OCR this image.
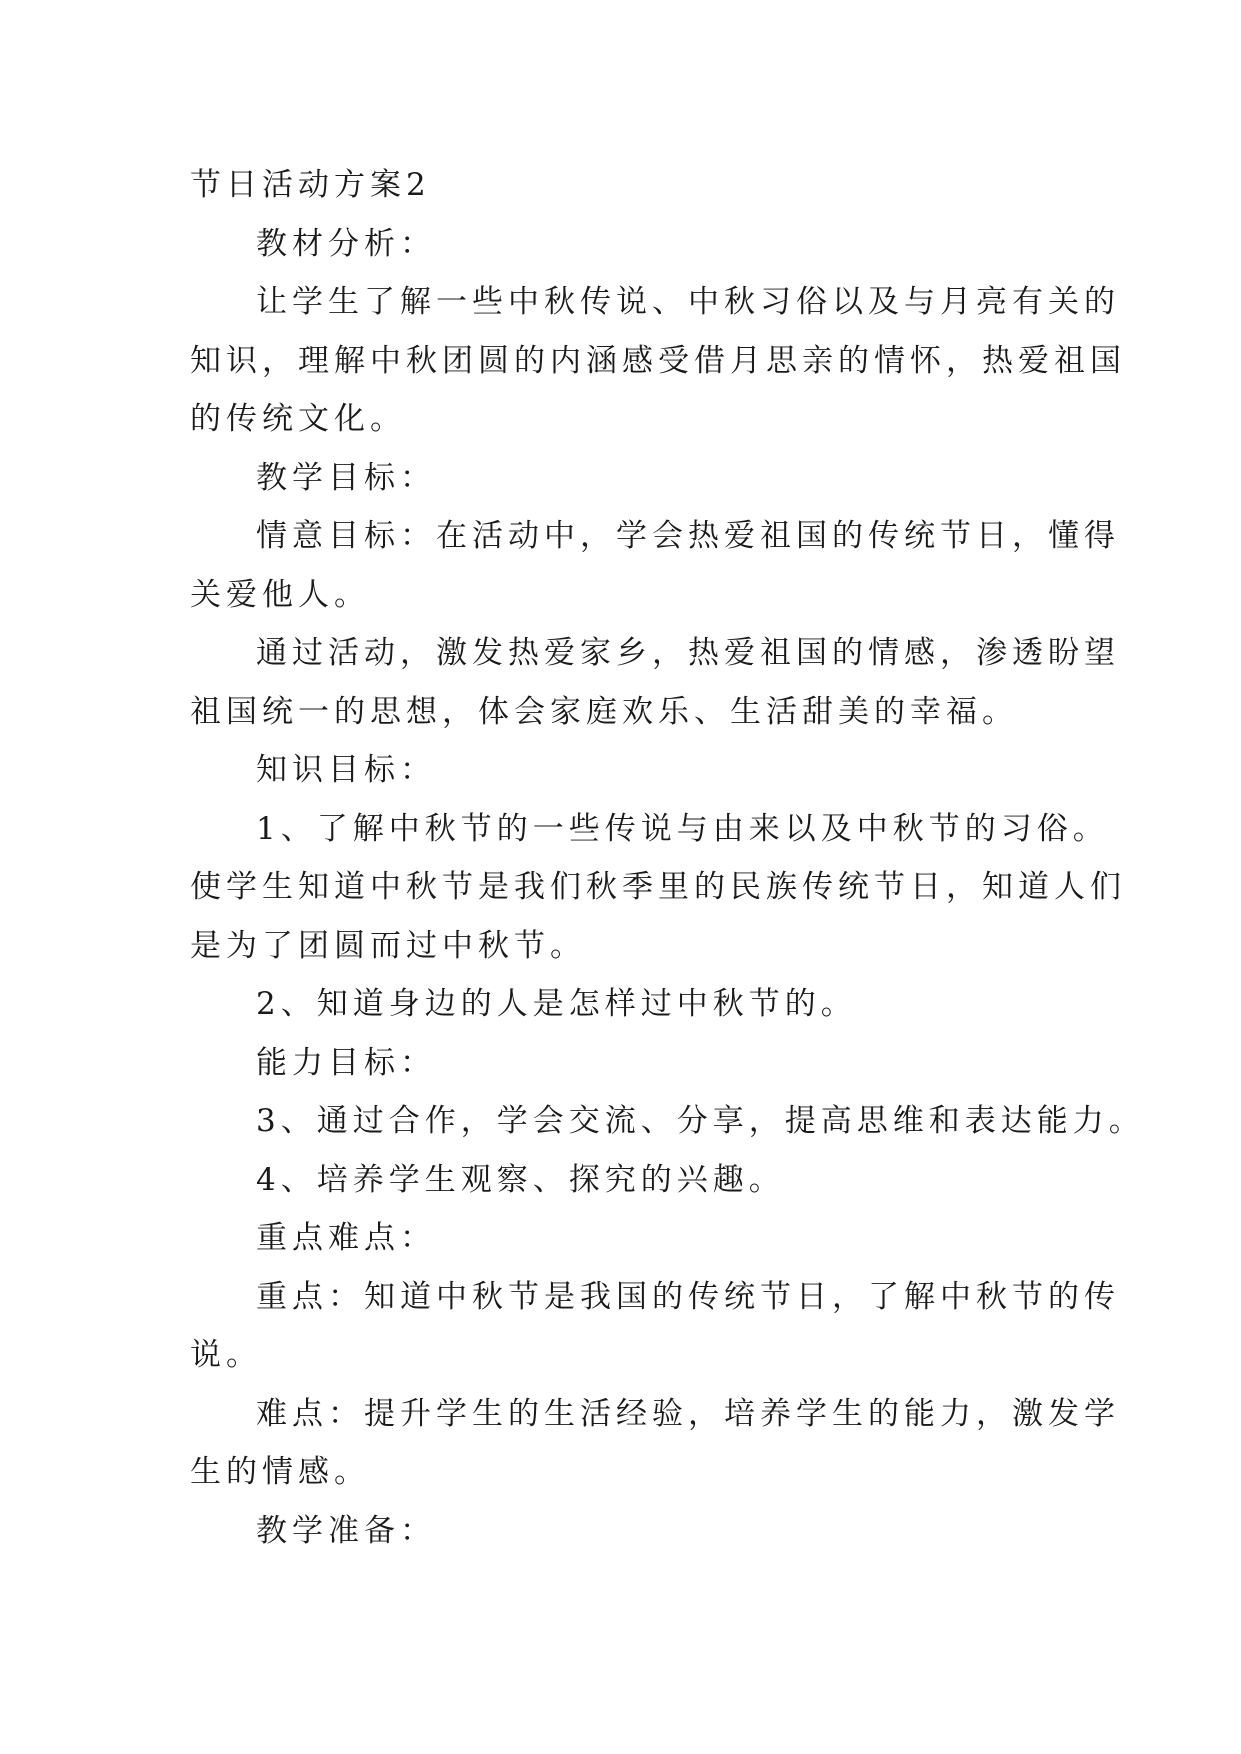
节日活动方案2
教材分析：
让学生了解一些中秋传说、中秋习俗以及与月亮有关的
知识，理解中秋团圆的内涵感受借月思亲的情怀，热爱祖国
的传统文化。
教学目标：
情意目标：在活动中，学会热爱祖国的传统节日，懂得
关爱他人。
通过活动，激发热爱家乡，热爱祖国的情感，渗透盼望
祖国统一的思想，体会家庭欢乐、生活甜美的幸福。
知识目标：
1、了解中秋节的一些传说与由来以及中秋节的习俗。
使学生知道中秋节是我们秋季里的民族传统节日，知道人们
是为了团圆而过中秋节。
2、知道身边的人是怎样过中秋节的。
能力目标：
3、通过合作，学会交流、分享，提高思维和表达能力。
4、培养学生观察、探究的兴趣。
重点难点：
重点：知道中秋节是我国的传统节日，了解中秋节的传
说。
难点：提升学生的生活经验，培养学生的能力，激发学
生的情感。
教学准备：
